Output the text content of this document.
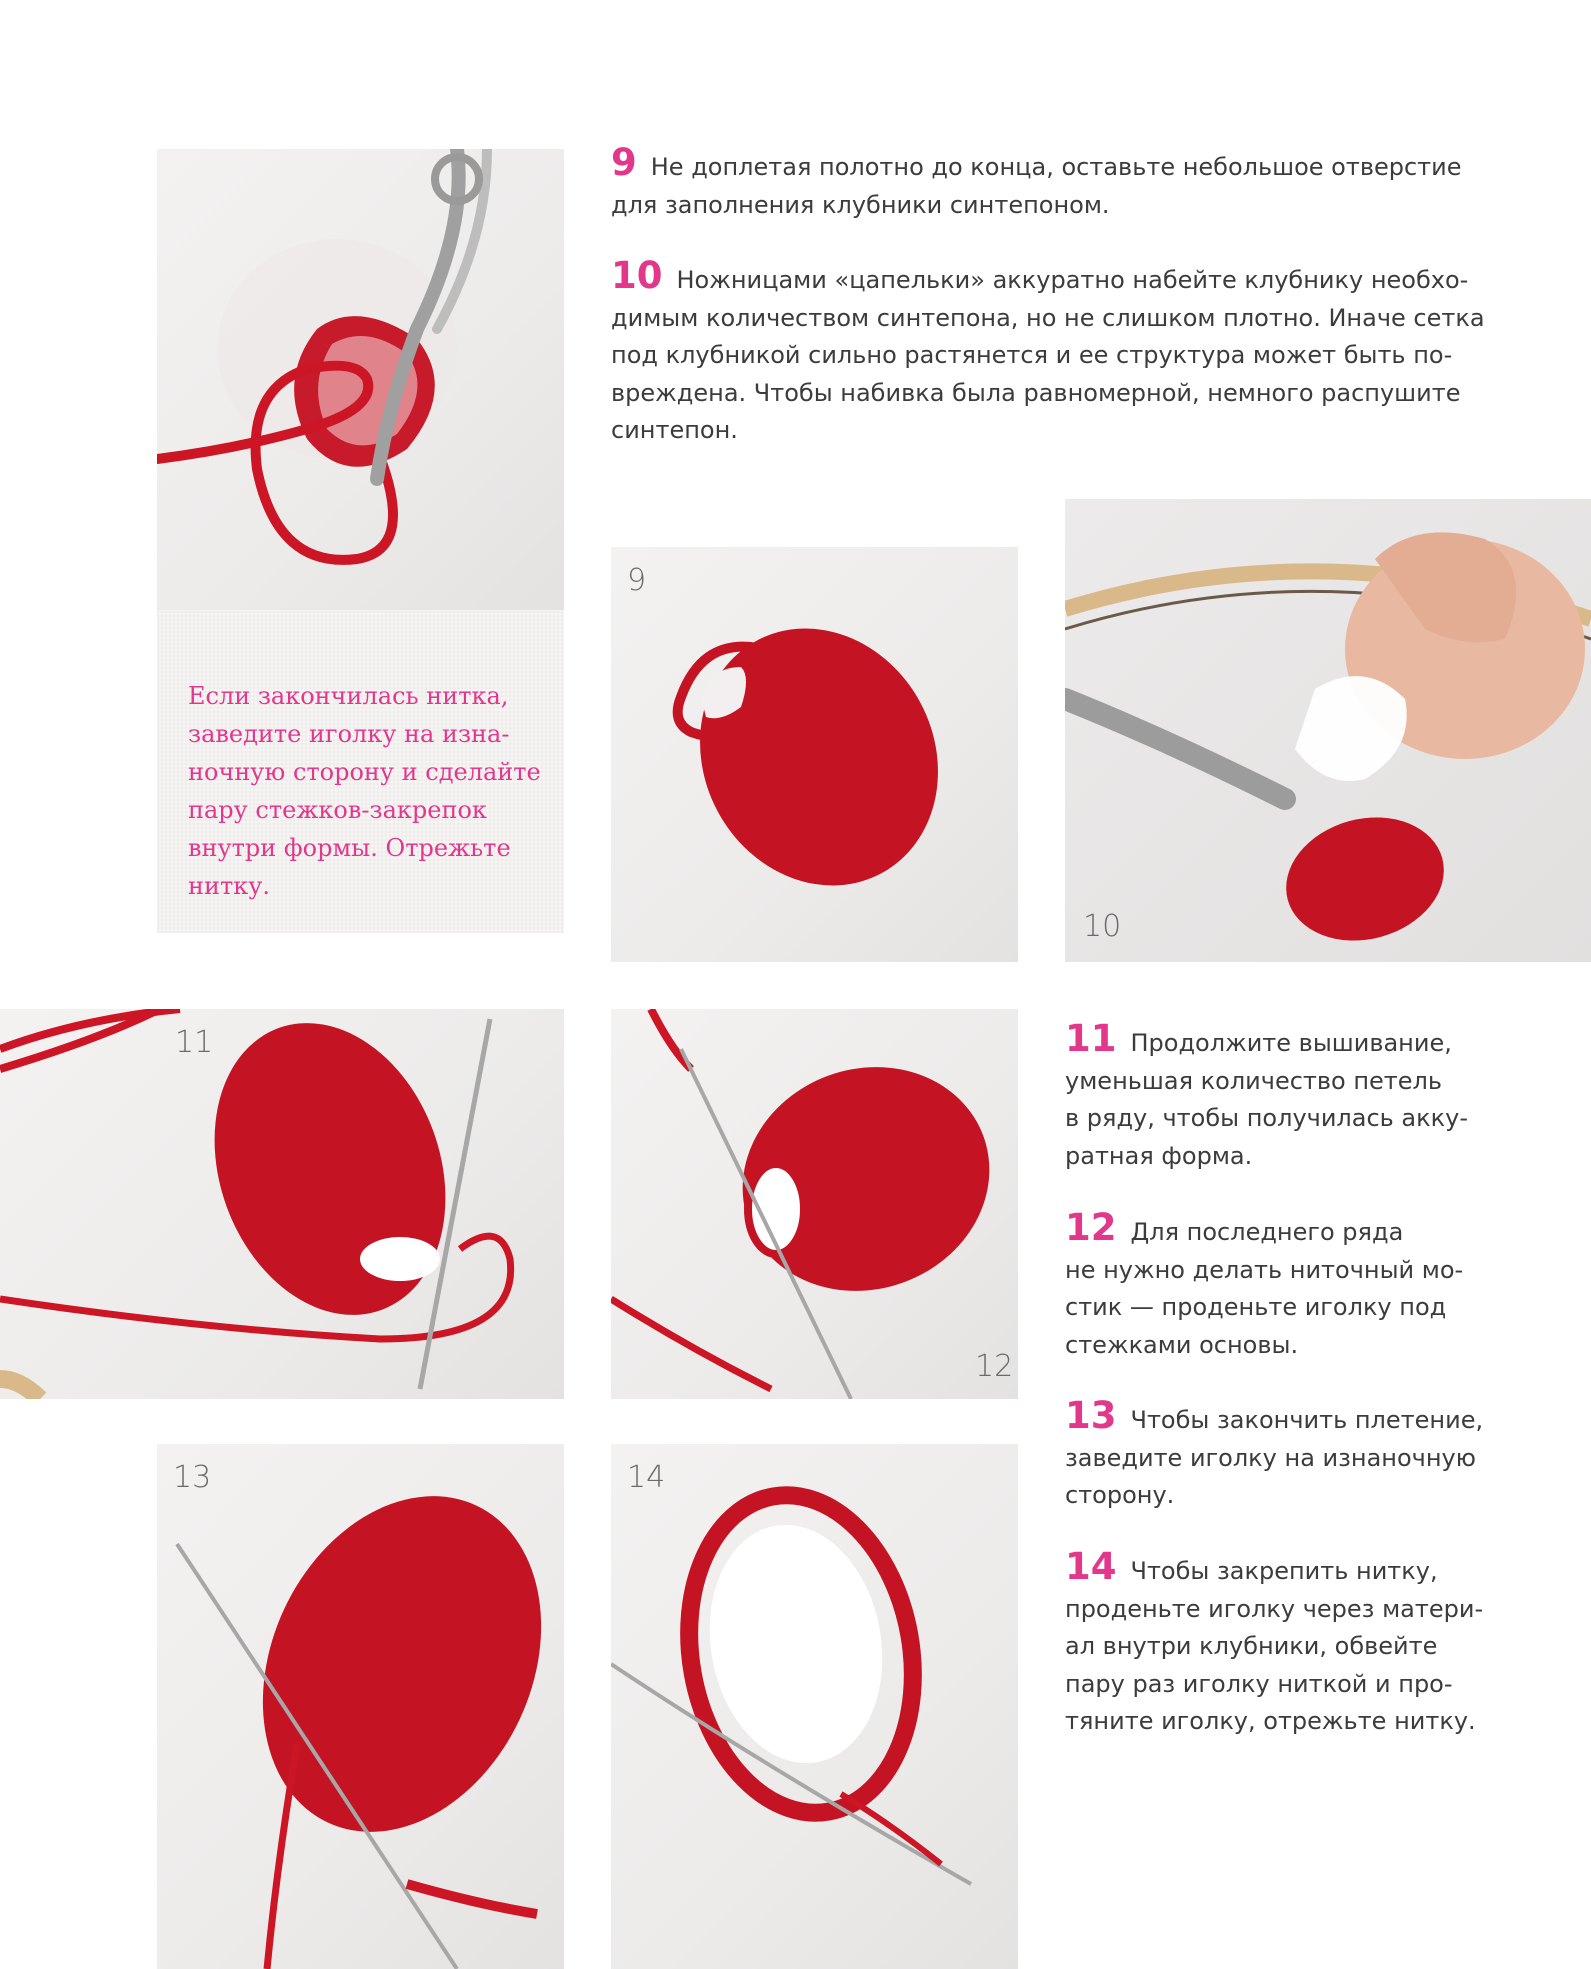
Если закончилась нитка,
заведите иголку на изна-
ночную сторону и сделайте
пару стежков-закрепок
внутри формы. Отрежьте
нитку.
9 Не доплетая полотно до конца, оставьте небольшое отверстие
для заполнения клубники синтепоном.
10 Ножницами «цапельки» аккуратно набейте клубнику необхо-
димым количеством синтепона, но не слишком плотно. Иначе сетка
под клубникой сильно растянется и ее структура может быть по-
вреждена. Чтобы набивка была равномерной, немного распушите
синтепон.
9
10
11
12
13	14
11 Продолжите вышивание,
уменьшая количество петель
в ряду, чтобы получилась акку-
ратная форма.
12 Для последнего ряда
не нужно делать ниточный мо-
стик — проденьте иголку под
стежками основы.
13 Чтобы закончить плетение,
заведите иголку на изнаночную
сторону.
14 Чтобы закрепить нитку,
проденьте иголку через матери-
ал внутри клубники, обвейте
пару раз иголку ниткой и про-
тяните иголку, отрежьте нитку.
